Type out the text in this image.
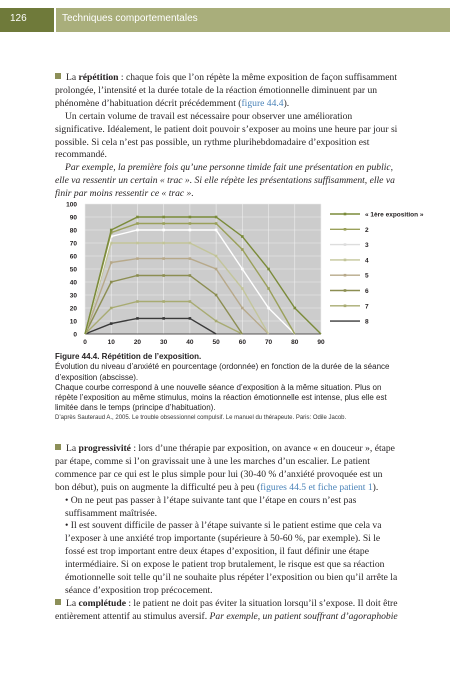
126	Techniques comportementales

La répétition : chaque fois que l’on répète la même exposition de façon suffisamment prolongée, l’intensité et la durée totale de la réaction émotionnelle diminuent par un phénomène d’habituation décrit précédemment (figure 44.4).

Un certain volume de travail est nécessaire pour observer une amélioration significative. Idéalement, le patient doit pouvoir s’exposer au moins une heure par jour si possible. Si cela n’est pas possible, un rythme plurihebdomadaire d’exposition est recommandé.

Par exemple, la première fois qu’une personne timide fait une présentation en public, elle va ressentir un certain « trac ». Si elle répète les présentations suffisamment, elle va finir par moins ressentir ce « trac ».

0
10
20
30
40
50
60
70
80
90
100
0	10	20	30	40	50	60	70	80	90
« 1ère exposition »
2
3
4
5
6
7
8
Figure 44.4. Répétition de l’exposition.
Évolution du niveau d’anxiété en pourcentage (ordonnée) en fonction de la durée de la séance d’exposition (abscisse).
Chaque courbe correspond à une nouvelle séance d’exposition à la même situation. Plus on répète l’exposition au même stimulus, moins la réaction émotionnelle est intense, plus elle est limitée dans le temps (principe d’habituation).
D’après Sauteraud A., 2005. Le trouble obsessionnel compulsif. Le manuel du thérapeute. Paris: Odile Jacob.

La progressivité : lors d’une thérapie par exposition, on avance « en douceur », étape par étape, comme si l’on gravissait une à une les marches d’un escalier. Le patient commence par ce qui est le plus simple pour lui (30-40 % d’anxiété provoquée est un bon début), puis on augmente la difficulté peu à peu (figures 44.5 et fiche patient 1).

• On ne peut pas passer à l’étape suivante tant que l’étape en cours n’est pas suffisamment maîtrisée.

• Il est souvent difficile de passer à l’étape suivante si le patient estime que cela va l’exposer à une anxiété trop importante (supérieure à 50-60 %, par exemple). Si le fossé est trop important entre deux étapes d’exposition, il faut définir une étape intermédiaire. Si on expose le patient trop brutalement, le risque est que sa réaction émotionnelle soit telle qu’il ne souhaite plus répéter l’exposition ou bien qu’il arrête la séance d’exposition trop précocement.

La complétude : le patient ne doit pas éviter la situation lorsqu’il s’expose. Il doit être entièrement attentif au stimulus aversif. Par exemple, un patient souffrant d’agoraphobie
